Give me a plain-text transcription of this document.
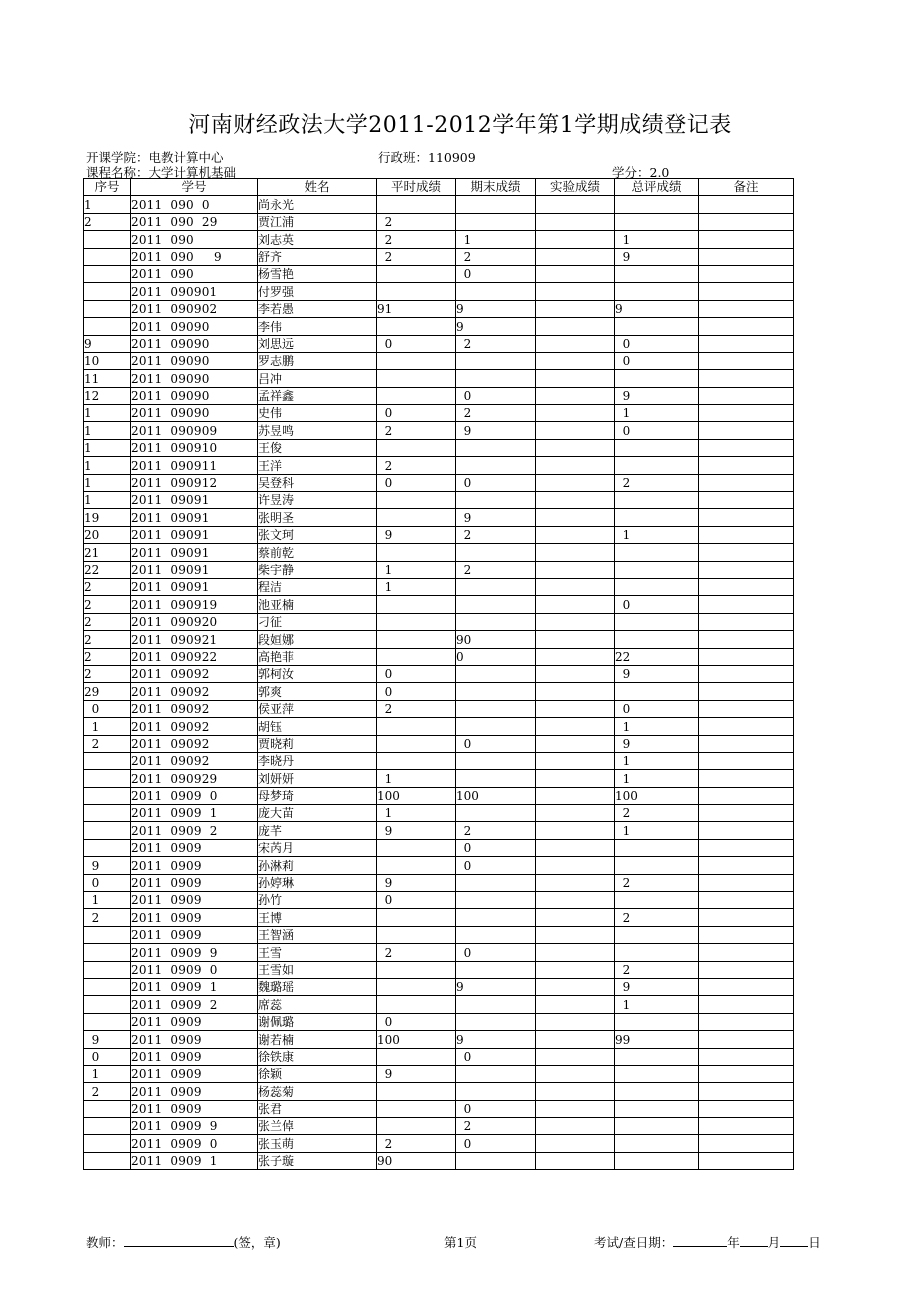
河南财经政法大学2011-2012学年第1学期成绩登记表
开课学院：电教计算中心	行政班：110909
课程名称：大学计算机基础	学分：2.0
序号	学号	姓名	平时成绩	期末成绩	实验成绩	总评成绩	备注
1	2011  090  0	尚永光					
2	2011  090  29	贾江浦	2				
	2011  090	刘志英	2	1		1	
	2011  090     9	舒齐	2	2		9	
	2011  090	杨雪艳		0			
	2011  090901	付罗强					
	2011  090902	李若愚	91	9		9	
	2011  09090	李伟		9			
9	2011  09090	刘思远	0	2		0	
10	2011  09090	罗志鹏				0	
11	2011  09090	吕冲					
12	2011  09090	孟祥鑫		0		9	
1	2011  09090	史伟	0	2		1	
1	2011  090909	苏昱鸣	2	9		0	
1	2011  090910	王俊					
1	2011  090911	王洋	2				
1	2011  090912	吴登科	0	0		2	
1	2011  09091	许昱涛					
19	2011  09091	张明圣		9			
20	2011  09091	张文珂	9	2		1	
21	2011  09091	蔡前乾					
22	2011  09091	柴宇静	1	2			
2	2011  09091	程洁	1				
2	2011  090919	池亚楠				0	
2	2011  090920	刁征					
2	2011  090921	段姮娜		90			
2	2011  090922	高艳菲		0		22	
2	2011  09092	郭柯汝	0			9	
29	2011  09092	郭爽	0				
0	2011  09092	侯亚萍	2			0	
1	2011  09092	胡钰				1	
2	2011  09092	贾晓莉		0		9	
	2011  09092	李晓丹				1	
	2011  090929	刘妍妍	1			1	
	2011  0909  0	母梦琦	100	100		100	
	2011  0909  1	庞大苗	1			2	
	2011  0909  2	庞芊	9	2		1	
	2011  0909	宋芮月		0			
9	2011  0909	孙淋莉		0			
0	2011  0909	孙婷琳	9			2	
1	2011  0909	孙竹	0				
2	2011  0909	王博				2	
	2011  0909	王智涵					
	2011  0909  9	王雪	2	0			
	2011  0909  0	王雪如				2	
	2011  0909  1	魏璐瑶		9		9	
	2011  0909  2	席蕊				1	
	2011  0909	谢佩璐	0				
9	2011  0909	谢若楠	100	9		99	
0	2011  0909	徐铁康		0			
1	2011  0909	徐颖	9				
2	2011  0909	杨蕊菊					
	2011  0909	张君		0			
	2011  0909  9	张兰倬		2			
	2011  0909  0	张玉萌	2	0			
	2011  0909  1	张子璇	90				
教师：	(签，章)	第1页	考试/查日期：	年 月 日
